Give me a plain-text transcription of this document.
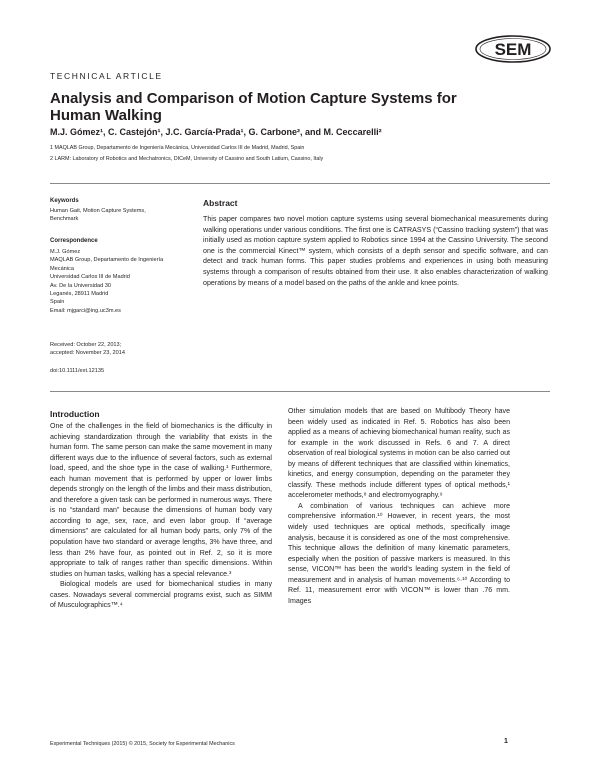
SEM
TECHNICAL ARTICLE
Analysis and Comparison of Motion Capture Systems for Human Walking
M.J. Gómez¹, C. Castejón¹, J.C. García-Prada¹, G. Carbone², and M. Ceccarelli²
1 MAQLAB Group, Departamento de Ingeniería Mecánica, Universidad Carlos III de Madrid, Madrid, Spain
2 LARM: Laboratory of Robotics and Mechatronics, DICeM, University of Cassino and South Latium, Cassino, Italy
Keywords
Human Gait, Motion Capture Systems,
Benchmark
Correspondence
M.J. Gómez
MAQLAB Group, Departamento de Ingeniería
Mecánica
Universidad Carlos III de Madrid
Av. De la Universidad 30
Leganés, 28911 Madrid
Spain
Email: mjgarci@ing.uc3m.es
Received: October 22, 2013;
accepted: November 23, 2014
doi:10.1111/ext.12135
Abstract
This paper compares two novel motion capture systems using several biomechanical measurements during walking operations under various conditions. The first one is CATRASYS (“Cassino tracking system”) that was initially used as motion capture system applied to Robotics since 1994 at the Cassino University. The second one is the commercial Kinect™ system, which consists of a depth sensor and specific software, and can detect and track human forms. This paper studies problems and experiences in using both measuring systems through a comparison of results obtained from their use. It also enables characterization of walking operations by means of a model based on the paths of the ankle and knee points.
Introduction

One of the challenges in the field of biomechanics is the difficulty in achieving standardization through the variability that exists in the human form. The same person can make the same movement in many different ways due to the influence of several factors, such as external load, speed, and the shoe type in the case of walking.¹ Furthermore, each human movement that is performed by upper or lower limbs depends strongly on the length of the limbs and their mass distribution, and therefore a given task can be performed in numerous ways. There is no “standard man” because the dimensions of human body vary according to age, sex, race, and even labor group. If “average dimensions” are calculated for all human body parts, only 7% of the population have two standard or average lengths, 3% have three, and less than 2% have four, as pointed out in Ref. 2, so it is more appropriate to talk of ranges rather than specific dimensions. Within studies on human tasks, walking has a special relevance.³

Biological models are used for biomechanical studies in many cases. Nowadays several commercial programs exist, such as SIMM of Musculographics™.⁴

Other simulation models that are based on Multibody Theory have been widely used as indicated in Ref. 5. Robotics has also been applied as a means of achieving biomechanical human reality, such as for example in the work discussed in Refs. 6 and 7. A direct observation of real biological systems in motion can be also carried out by means of different techniques that are classified within kinematics, kinetics, and energy consumption, depending on the parameter they classify. These methods include different types of optical methods,¹ accelerometer methods,⁸ and electromyography.⁹

A combination of various techniques can achieve more comprehensive information.¹⁰ However, in recent years, the most widely used techniques are optical methods, specifically image analysis, because it is considered as one of the most comprehensive. This technique allows the definition of many kinematic parameters, especially when the position of passive markers is measured. In this sense, VICON™ has been the world’s leading system in the field of measurement and in analysis of human movements.⁶·¹⁰ According to Ref. 11, measurement error with VICON™ is lower than .76 mm. Images

Experimental Techniques (2015) © 2015, Society for Experimental Mechanics	1
